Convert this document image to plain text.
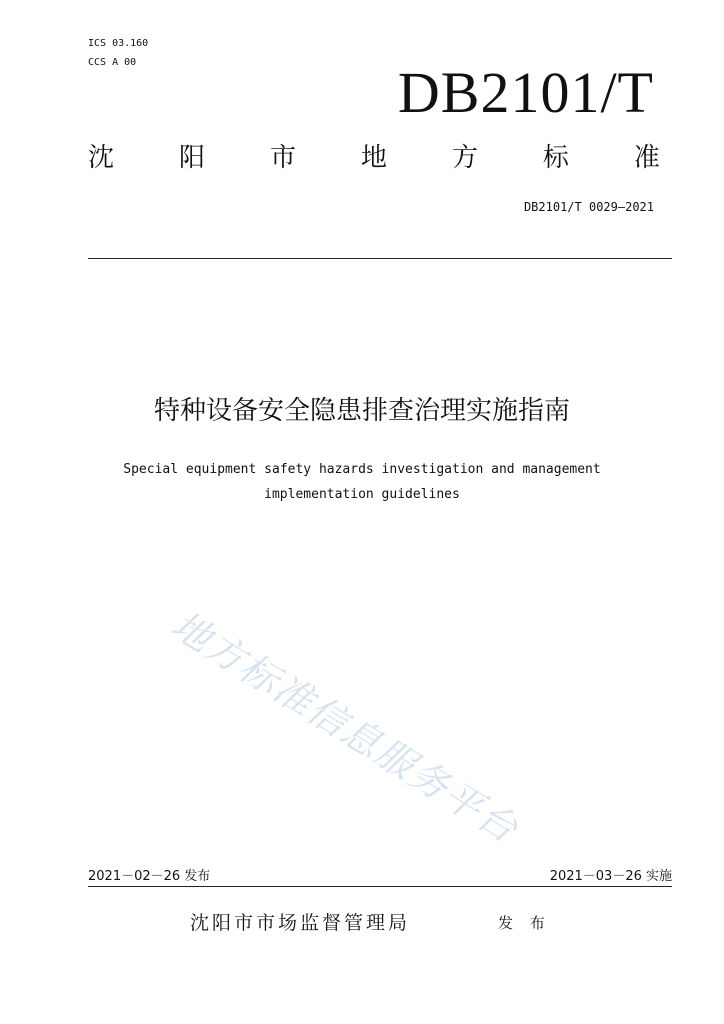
ICS 03.160
CCS A 00	DB2101/T
沈 阳 市 地 方 标 准
DB2101/T 0029—2021
特种设备安全隐患排查治理实施指南
Special equipment safety hazards investigation and management
implementation guidelines
地方标准信息服务平台
2021－02－26 发布	2021－03－26 实施
沈阳市市场监督管理局	发 布
